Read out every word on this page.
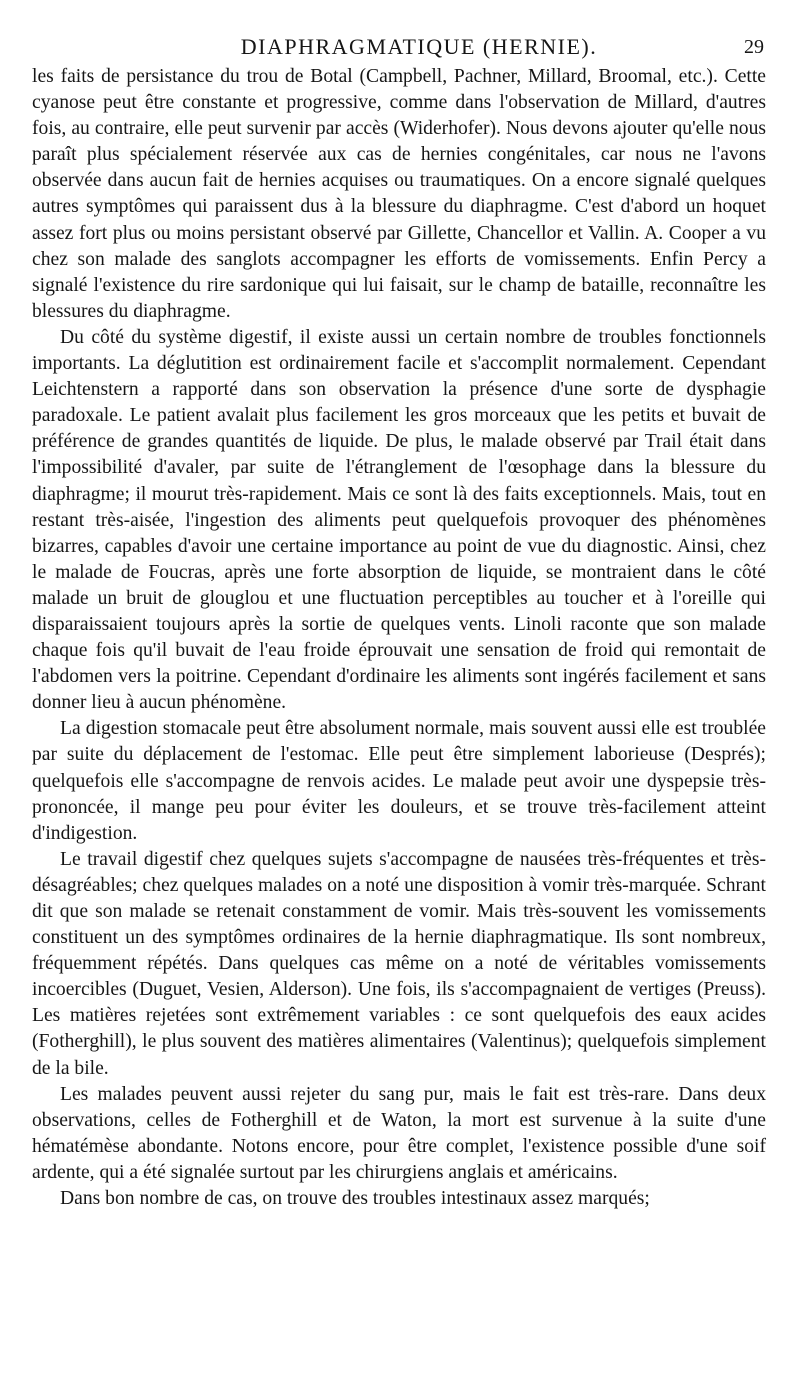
DIAPHRAGMATIQUE (HERNIE).	29

les faits de persistance du trou de Botal (Campbell, Pachner, Millard, Broomal, etc.). Cette cyanose peut être constante et progressive, comme dans l'observation de Millard, d'autres fois, au contraire, elle peut survenir par accès (Widerhofer). Nous devons ajouter qu'elle nous paraît plus spécialement réservée aux cas de hernies congénitales, car nous ne l'avons observée dans aucun fait de hernies acquises ou traumatiques. On a encore signalé quelques autres symptômes qui paraissent dus à la blessure du diaphragme. C'est d'abord un hoquet assez fort plus ou moins persistant observé par Gillette, Chancellor et Vallin. A. Cooper a vu chez son malade des sanglots accompagner les efforts de vomissements. Enfin Percy a signalé l'existence du rire sardonique qui lui faisait, sur le champ de bataille, reconnaître les blessures du diaphragme.

Du côté du système digestif, il existe aussi un certain nombre de troubles fonctionnels importants. La déglutition est ordinairement facile et s'accomplit normalement. Cependant Leichtenstern a rapporté dans son observation la présence d'une sorte de dysphagie paradoxale. Le patient avalait plus facilement les gros morceaux que les petits et buvait de préférence de grandes quantités de liquide. De plus, le malade observé par Trail était dans l'impossibilité d'avaler, par suite de l'étranglement de l'œsophage dans la blessure du diaphragme; il mourut très-rapidement. Mais ce sont là des faits exceptionnels. Mais, tout en restant très-aisée, l'ingestion des aliments peut quelquefois provoquer des phénomènes bizarres, capables d'avoir une certaine importance au point de vue du diagnostic. Ainsi, chez le malade de Foucras, après une forte absorption de liquide, se montraient dans le côté malade un bruit de glouglou et une fluctuation perceptibles au toucher et à l'oreille qui disparaissaient toujours après la sortie de quelques vents. Linoli raconte que son malade chaque fois qu'il buvait de l'eau froide éprouvait une sensation de froid qui remontait de l'abdomen vers la poitrine. Cependant d'ordinaire les aliments sont ingérés facilement et sans donner lieu à aucun phénomène.

La digestion stomacale peut être absolument normale, mais souvent aussi elle est troublée par suite du déplacement de l'estomac. Elle peut être simplement laborieuse (Després); quelquefois elle s'accompagne de renvois acides. Le malade peut avoir une dyspepsie très-prononcée, il mange peu pour éviter les douleurs, et se trouve très-facilement atteint d'indigestion.

Le travail digestif chez quelques sujets s'accompagne de nausées très-fréquentes et très-désagréables; chez quelques malades on a noté une disposition à vomir très-marquée. Schrant dit que son malade se retenait constamment de vomir. Mais très-souvent les vomissements constituent un des symptômes ordinaires de la hernie diaphragmatique. Ils sont nombreux, fréquemment répétés. Dans quelques cas même on a noté de véritables vomissements incoercibles (Duguet, Vesien, Alderson). Une fois, ils s'accompagnaient de vertiges (Preuss). Les matières rejetées sont extrêmement variables : ce sont quelquefois des eaux acides (Fotherghill), le plus souvent des matières alimentaires (Valentinus); quelquefois simplement de la bile.

Les malades peuvent aussi rejeter du sang pur, mais le fait est très-rare. Dans deux observations, celles de Fotherghill et de Waton, la mort est survenue à la suite d'une hématémèse abondante. Notons encore, pour être complet, l'existence possible d'une soif ardente, qui a été signalée surtout par les chirurgiens anglais et américains.

Dans bon nombre de cas, on trouve des troubles intestinaux assez marqués;
